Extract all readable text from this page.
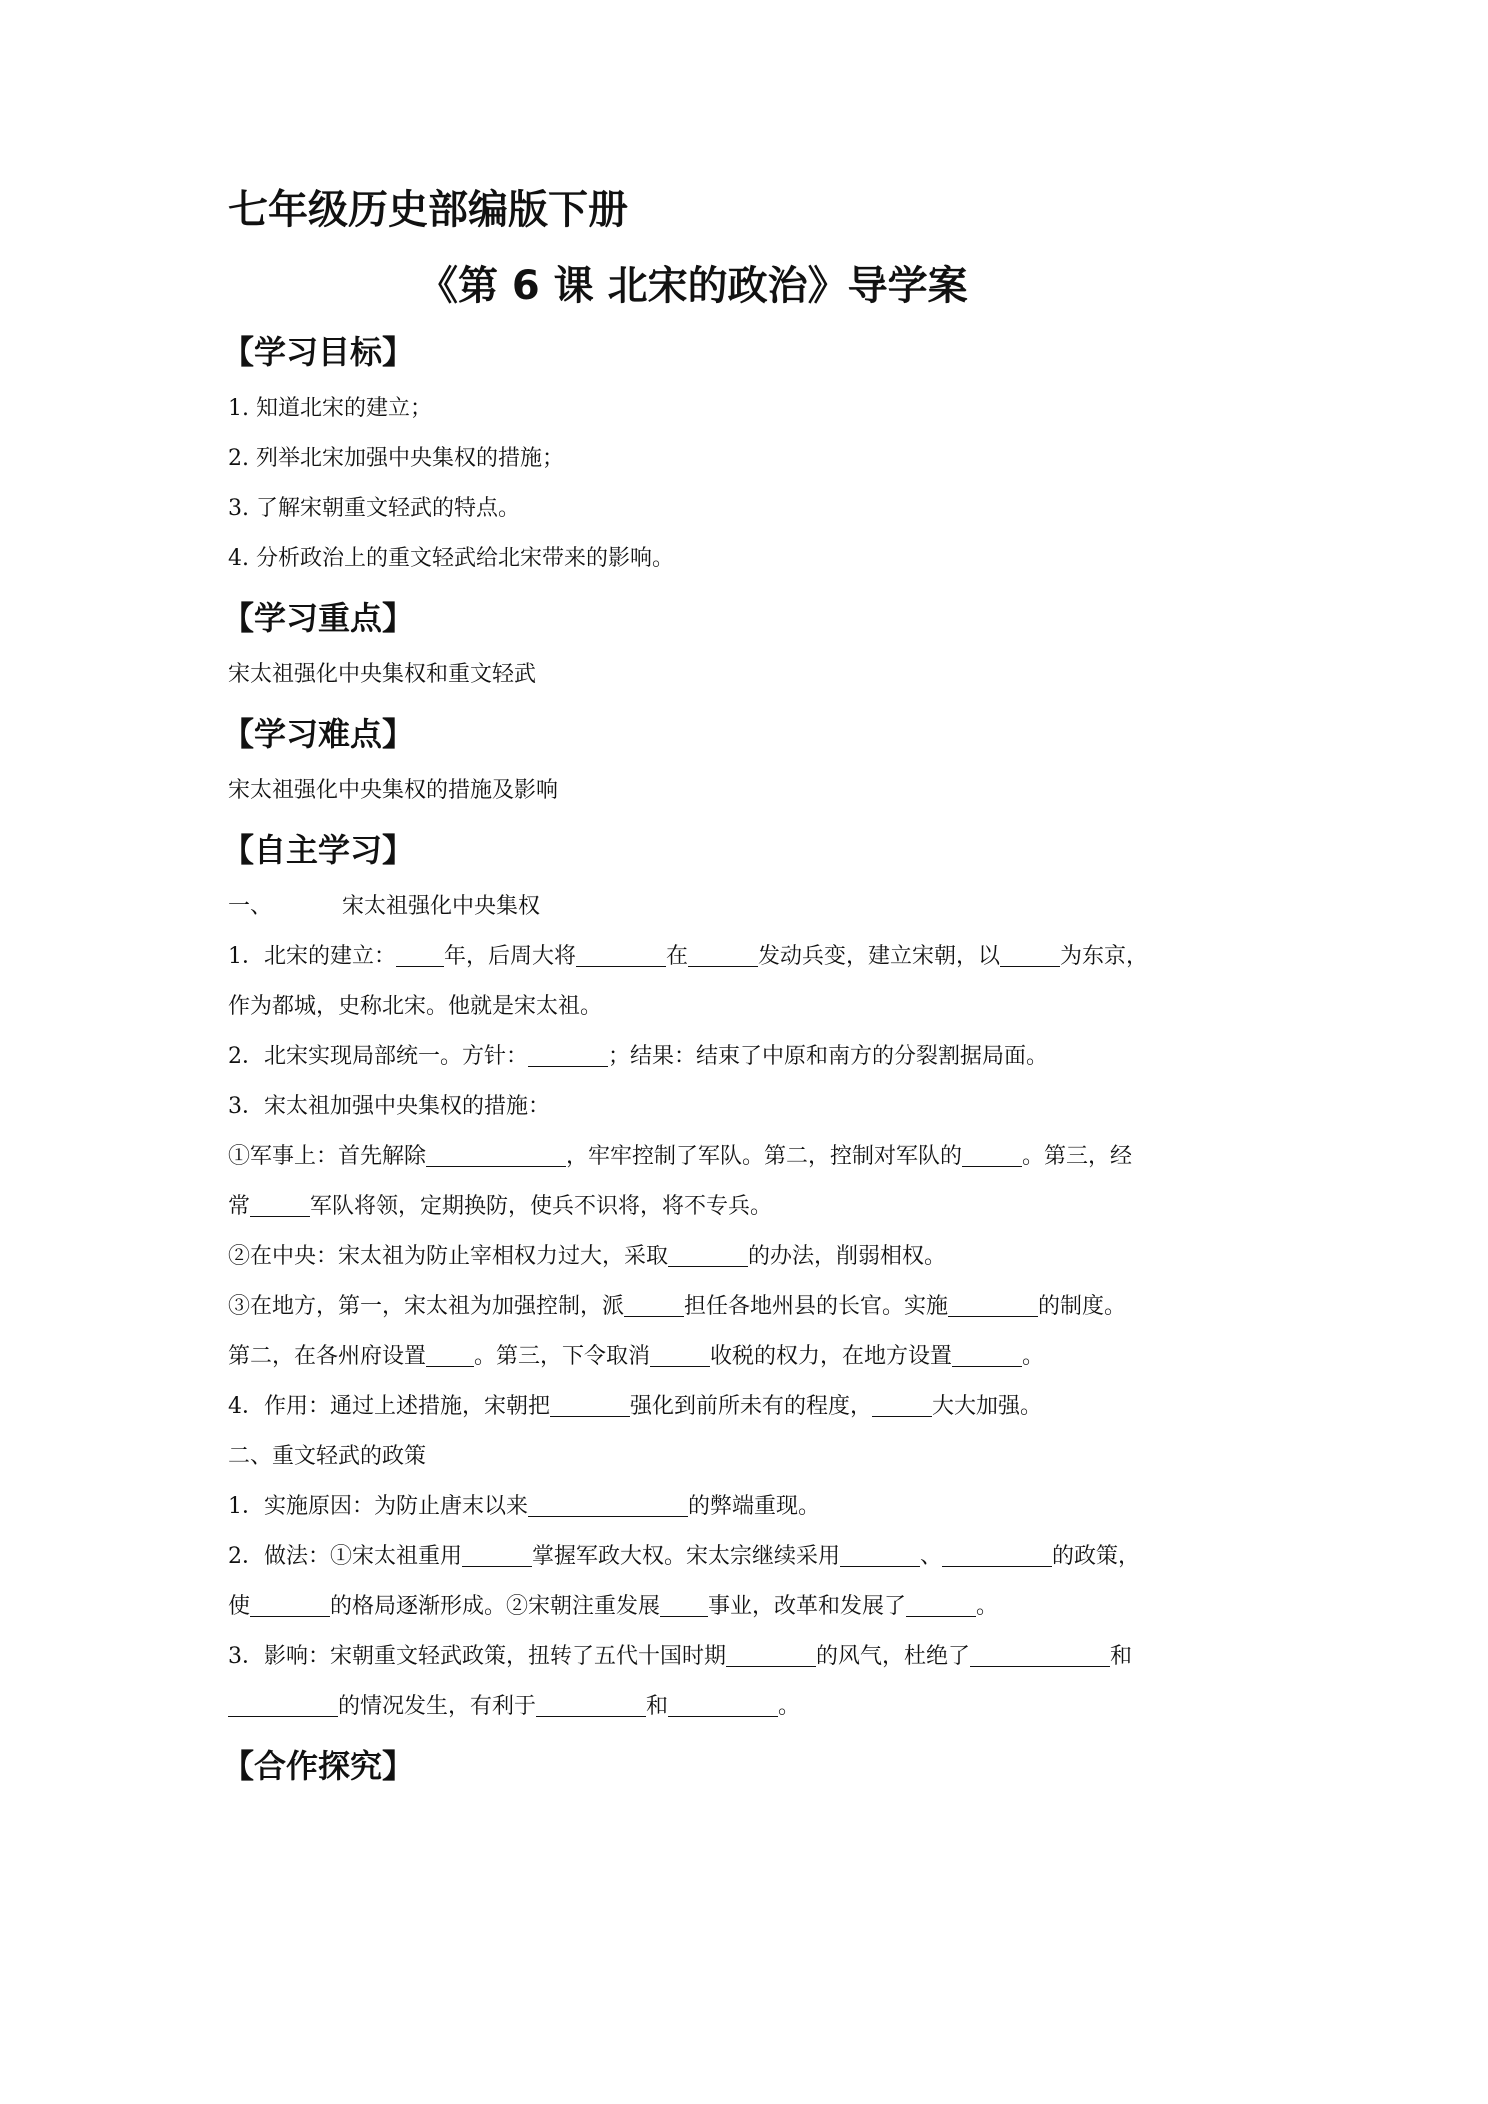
七年级历史部编版下册
《第 6 课 北宋的政治》导学案
【学习目标】
1. 知道北宋的建立；
2. 列举北宋加强中央集权的措施；
3. 了解宋朝重文轻武的特点。
4. 分析政治上的重文轻武给北宋带来的影响。
【学习重点】
宋太祖强化中央集权和重文轻武
【学习难点】
宋太祖强化中央集权的措施及影响
【自主学习】
一、	宋太祖强化中央集权
1．北宋的建立： 年，后周大将	在	发动兵变，建立宋朝，以	为东京，
作为都城，史称北宋。他就是宋太祖。
2．北宋实现局部统一。方针：	；结果：结束了中原和南方的分裂割据局面。
3．宋太祖加强中央集权的措施：
①军事上：首先解除	，牢牢控制了军队。第二，控制对军队的	。第三，经
常	军队将领，定期换防，使兵不识将，将不专兵。
②在中央：宋太祖为防止宰相权力过大，采取	的办法，削弱相权。
③在地方，第一，宋太祖为加强控制，派	担任各地州县的长官。实施	的制度。
第二，在各州府设置 。第三，下令取消	收税的权力，在地方设置	。
4．作用：通过上述措施，宋朝把	强化到前所未有的程度，	大大加强。
二、重文轻武的政策
1．实施原因：为防止唐末以来	的弊端重现。
2．做法：①宋太祖重用	掌握军政大权。宋太宗继续采用	、	的政策，
使	的格局逐渐形成。②宋朝注重发展 事业，改革和发展了	。
3．影响：宋朝重文轻武政策，扭转了五代十国时期	的风气，杜绝了	和
的情况发生，有利于	和	。
【合作探究】
